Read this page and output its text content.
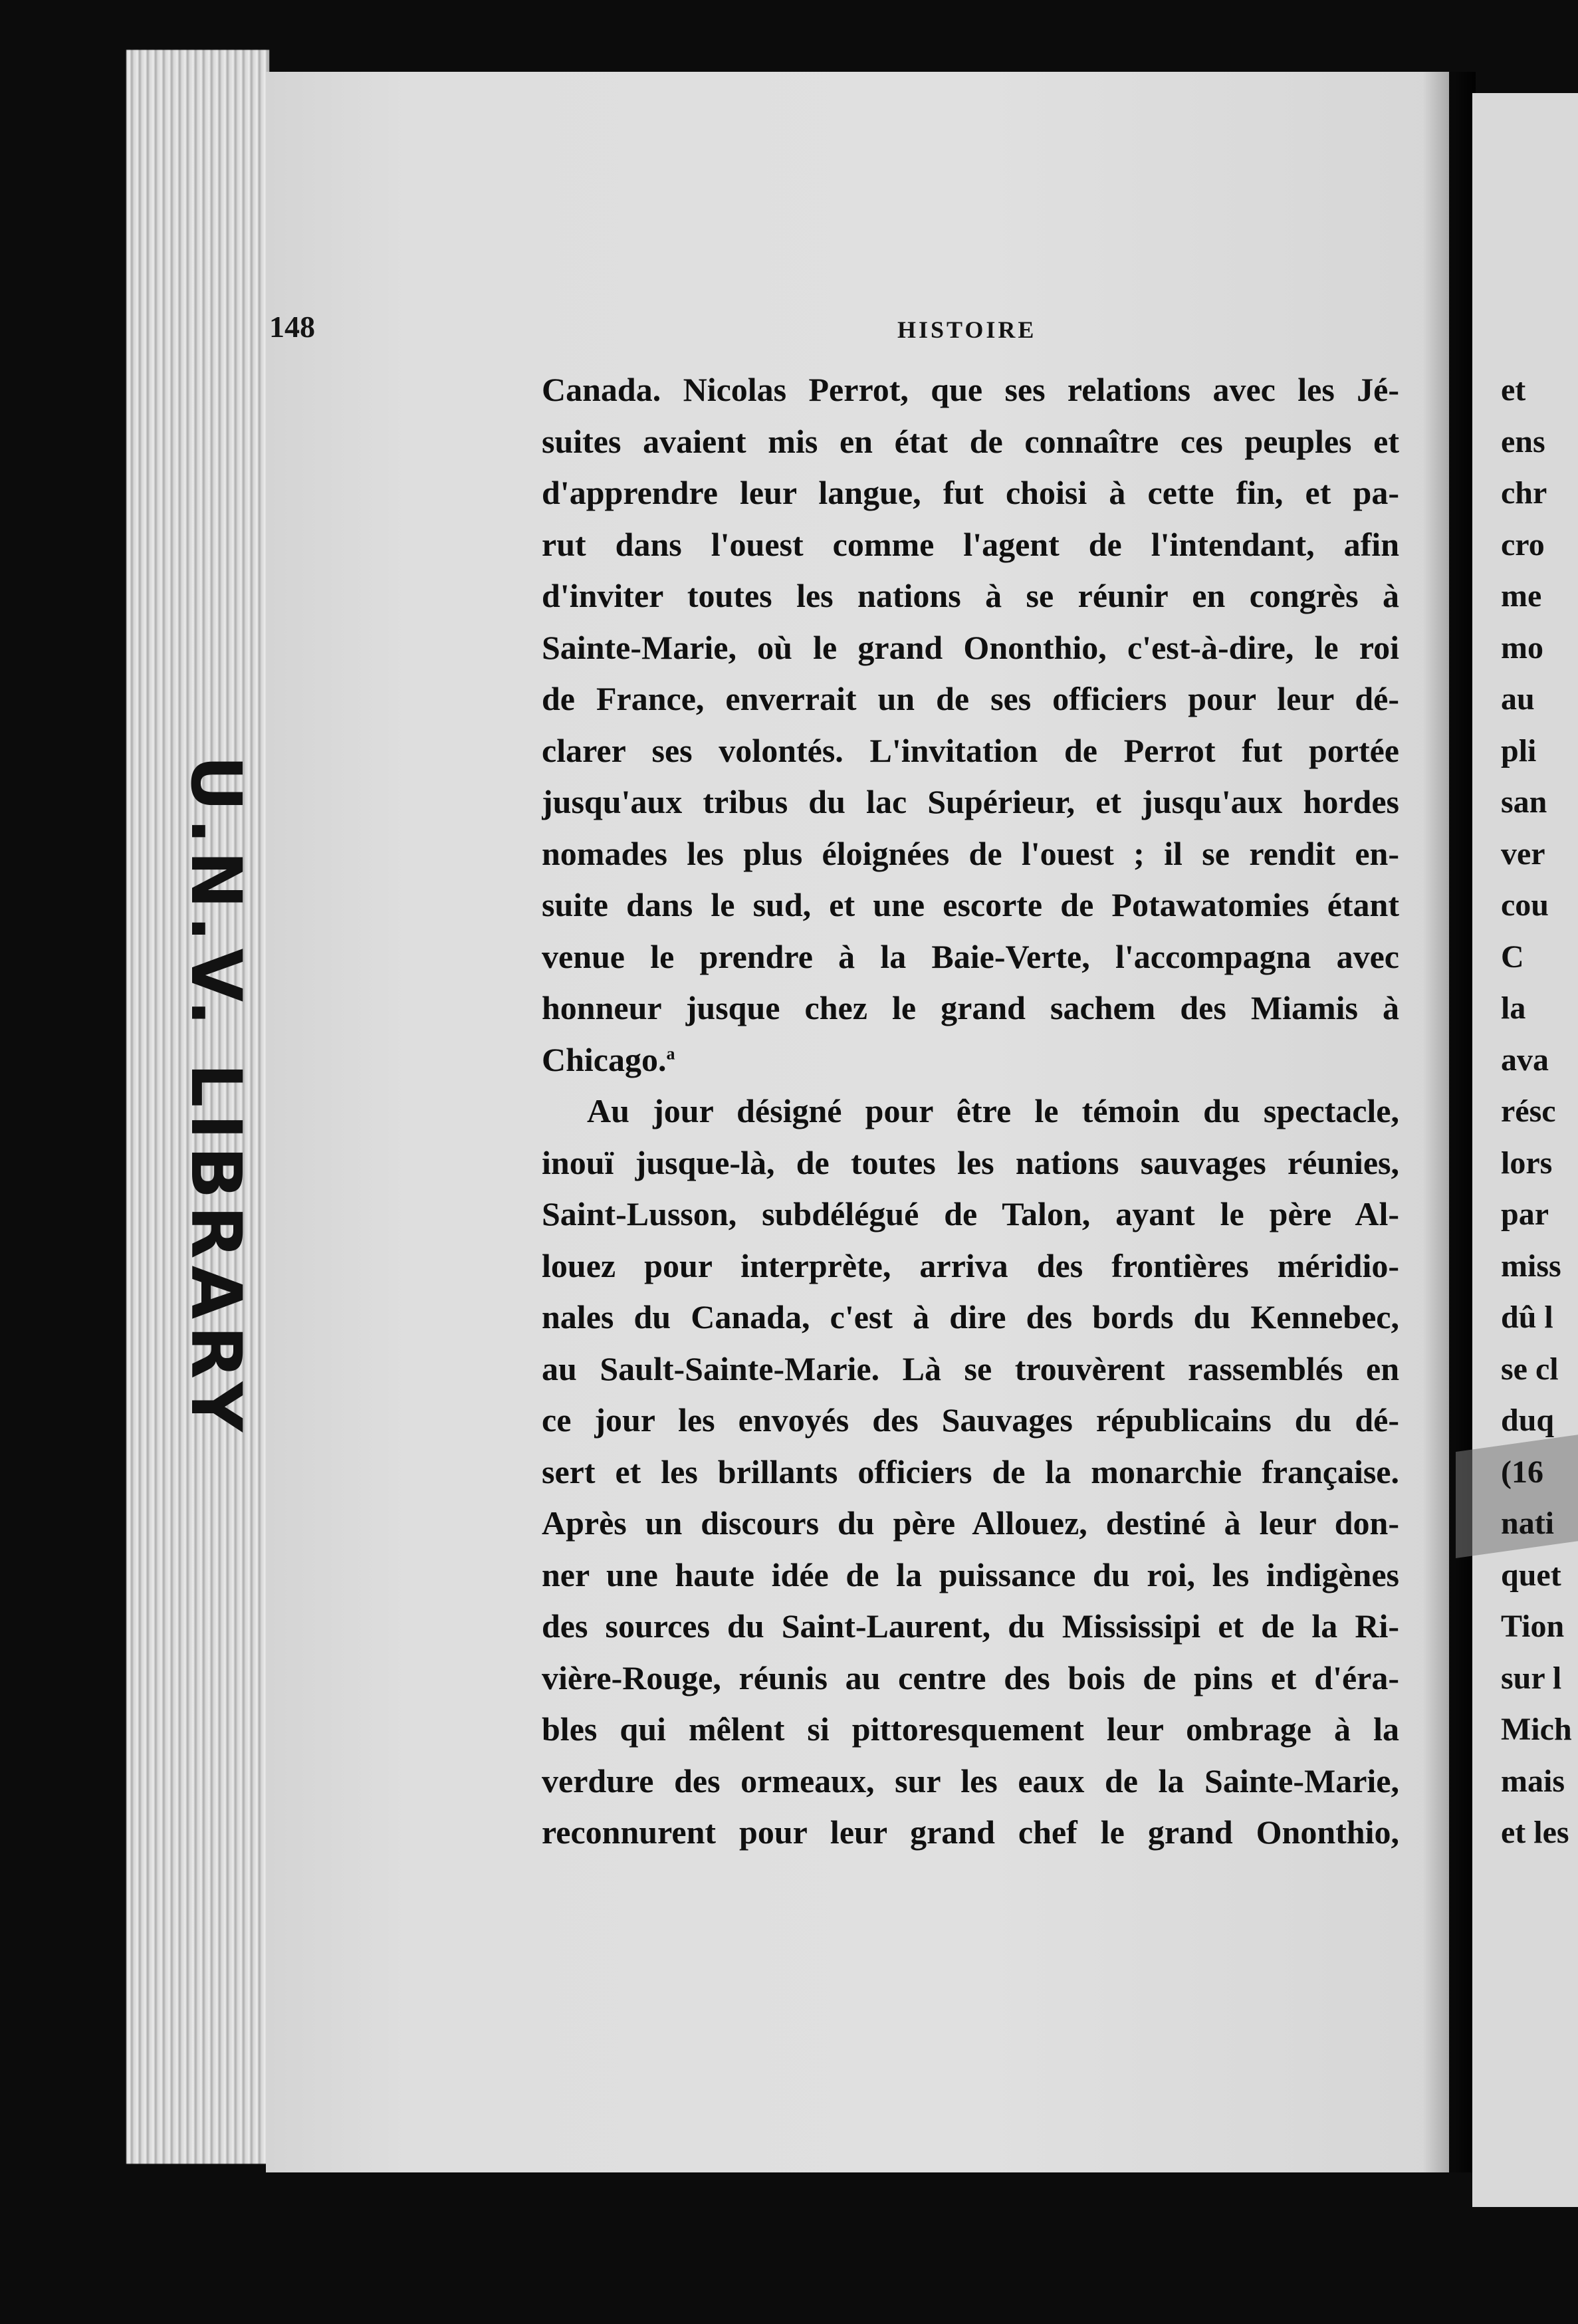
U.N.V. LIBRARY
148	HISTOIRE
Canada. Nicolas Perrot, que ses relations avec les Jé-
suites avaient mis en état de connaître ces peuples et
d'apprendre leur langue, fut choisi à cette fin, et pa-
rut dans l'ouest comme l'agent de l'intendant, afin
d'inviter toutes les nations à se réunir en congrès à
Sainte-Marie, où le grand Ononthio, c'est-à-dire, le roi
de France, enverrait un de ses officiers pour leur dé-
clarer ses volontés. L'invitation de Perrot fut portée
jusqu'aux tribus du lac Supérieur, et jusqu'aux hordes
nomades les plus éloignées de l'ouest ; il se rendit en-
suite dans le sud, et une escorte de Potawatomies étant
venue le prendre à la Baie-Verte, l'accompagna avec
honneur jusque chez le grand sachem des Miamis à
Chicago.$^a$
Au jour désigné pour être le témoin du spectacle,
inouï jusque-là, de toutes les nations sauvages réunies,
Saint-Lusson, subdélégué de Talon, ayant le père Al-
louez pour interprète, arriva des frontières méridio-
nales du Canada, c'est à dire des bords du Kennebec,
au Sault-Sainte-Marie. Là se trouvèrent rassemblés en
ce jour les envoyés des Sauvages républicains du dé-
sert et les brillants officiers de la monarchie française.
Après un discours du père Allouez, destiné à leur don-
ner une haute idée de la puissance du roi, les indigènes
des sources du Saint-Laurent, du Mississipi et de la Ri-
vière-Rouge, réunis au centre des bois de pins et d'éra-
bles qui mêlent si pittoresquement leur ombrage à la
verdure des ormeaux, sur les eaux de la Sainte-Marie,
reconnurent pour leur grand chef le grand Ononthio,
et
ens
chr
cro
me
mo
au
pli
san
ver
cou
C
la
ava
résc
lors
par
miss
dû l
se cl
duq
(16
nati
quet
Tion
sur l
Mich
mais
et les
